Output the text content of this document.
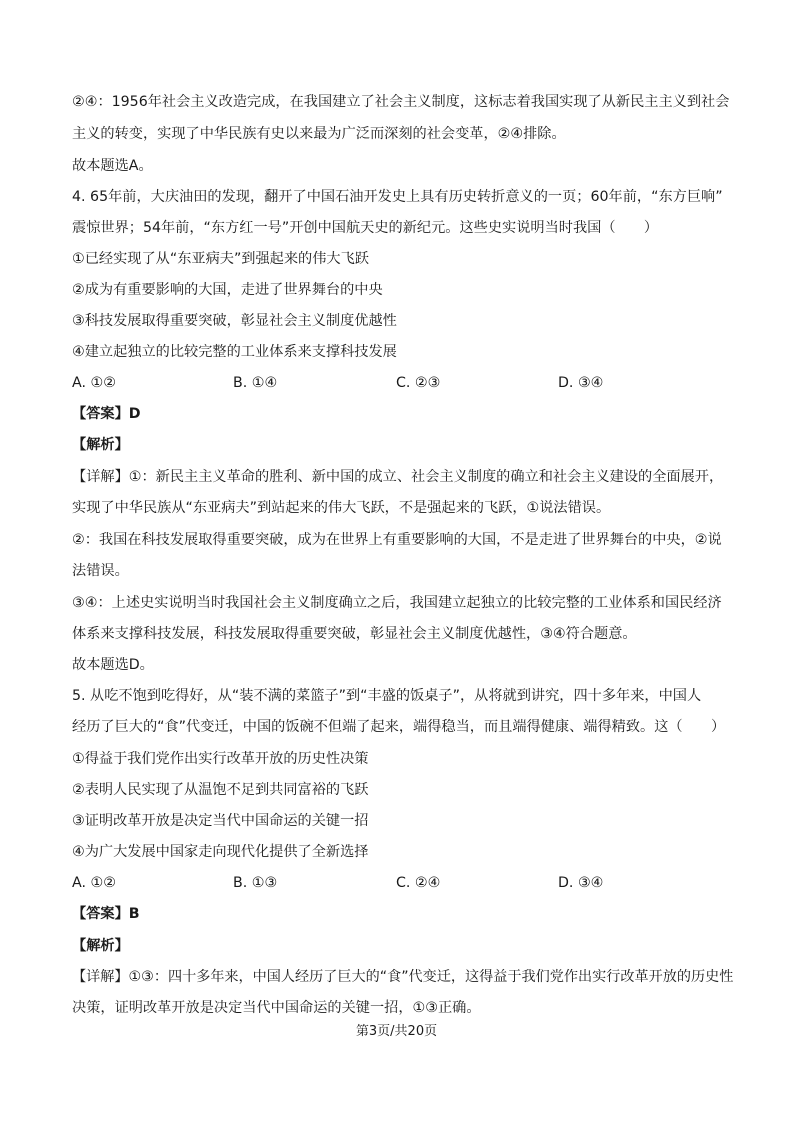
②④：1956年社会主义改造完成，在我国建立了社会主义制度，这标志着我国实现了从新民主主义到社会
主义的转变，实现了中华民族有史以来最为广泛而深刻的社会变革，②④排除。
故本题选A。
4. 65年前，大庆油田的发现，翻开了中国石油开发史上具有历史转折意义的一页；60年前，“东方巨响”
震惊世界；54年前，“东方红一号”开创中国航天史的新纪元。这些史实说明当时我国（　　）
①已经实现了从“东亚病夫”到强起来的伟大飞跃
②成为有重要影响的大国，走进了世界舞台的中央
③科技发展取得重要突破，彰显社会主义制度优越性
④建立起独立的比较完整的工业体系来支撑科技发展
A. ①②	B. ①④	C. ②③	D. ③④
【答案】D
【解析】
【详解】①：新民主主义革命的胜利、新中国的成立、社会主义制度的确立和社会主义建设的全面展开，
实现了中华民族从“东亚病夫”到站起来的伟大飞跃，不是强起来的飞跃，①说法错误。
②：我国在科技发展取得重要突破，成为在世界上有重要影响的大国，不是走进了世界舞台的中央，②说
法错误。
③④：上述史实说明当时我国社会主义制度确立之后，我国建立起独立的比较完整的工业体系和国民经济
体系来支撑科技发展，科技发展取得重要突破，彰显社会主义制度优越性，③④符合题意。
故本题选D。
5. 从吃不饱到吃得好，从“装不满的菜篮子”到“丰盛的饭桌子”，从将就到讲究，四十多年来，中国人
经历了巨大的“食”代变迁，中国的饭碗不但端了起来，端得稳当，而且端得健康、端得精致。这（　　）
①得益于我们党作出实行改革开放的历史性决策
②表明人民实现了从温饱不足到共同富裕的飞跃
③证明改革开放是决定当代中国命运的关键一招
④为广大发展中国家走向现代化提供了全新选择
A. ①②	B. ①③	C. ②④	D. ③④
【答案】B
【解析】
【详解】①③：四十多年来，中国人经历了巨大的“食”代变迁，这得益于我们党作出实行改革开放的历史性
决策，证明改革开放是决定当代中国命运的关键一招，①③正确。
第3页/共20页
